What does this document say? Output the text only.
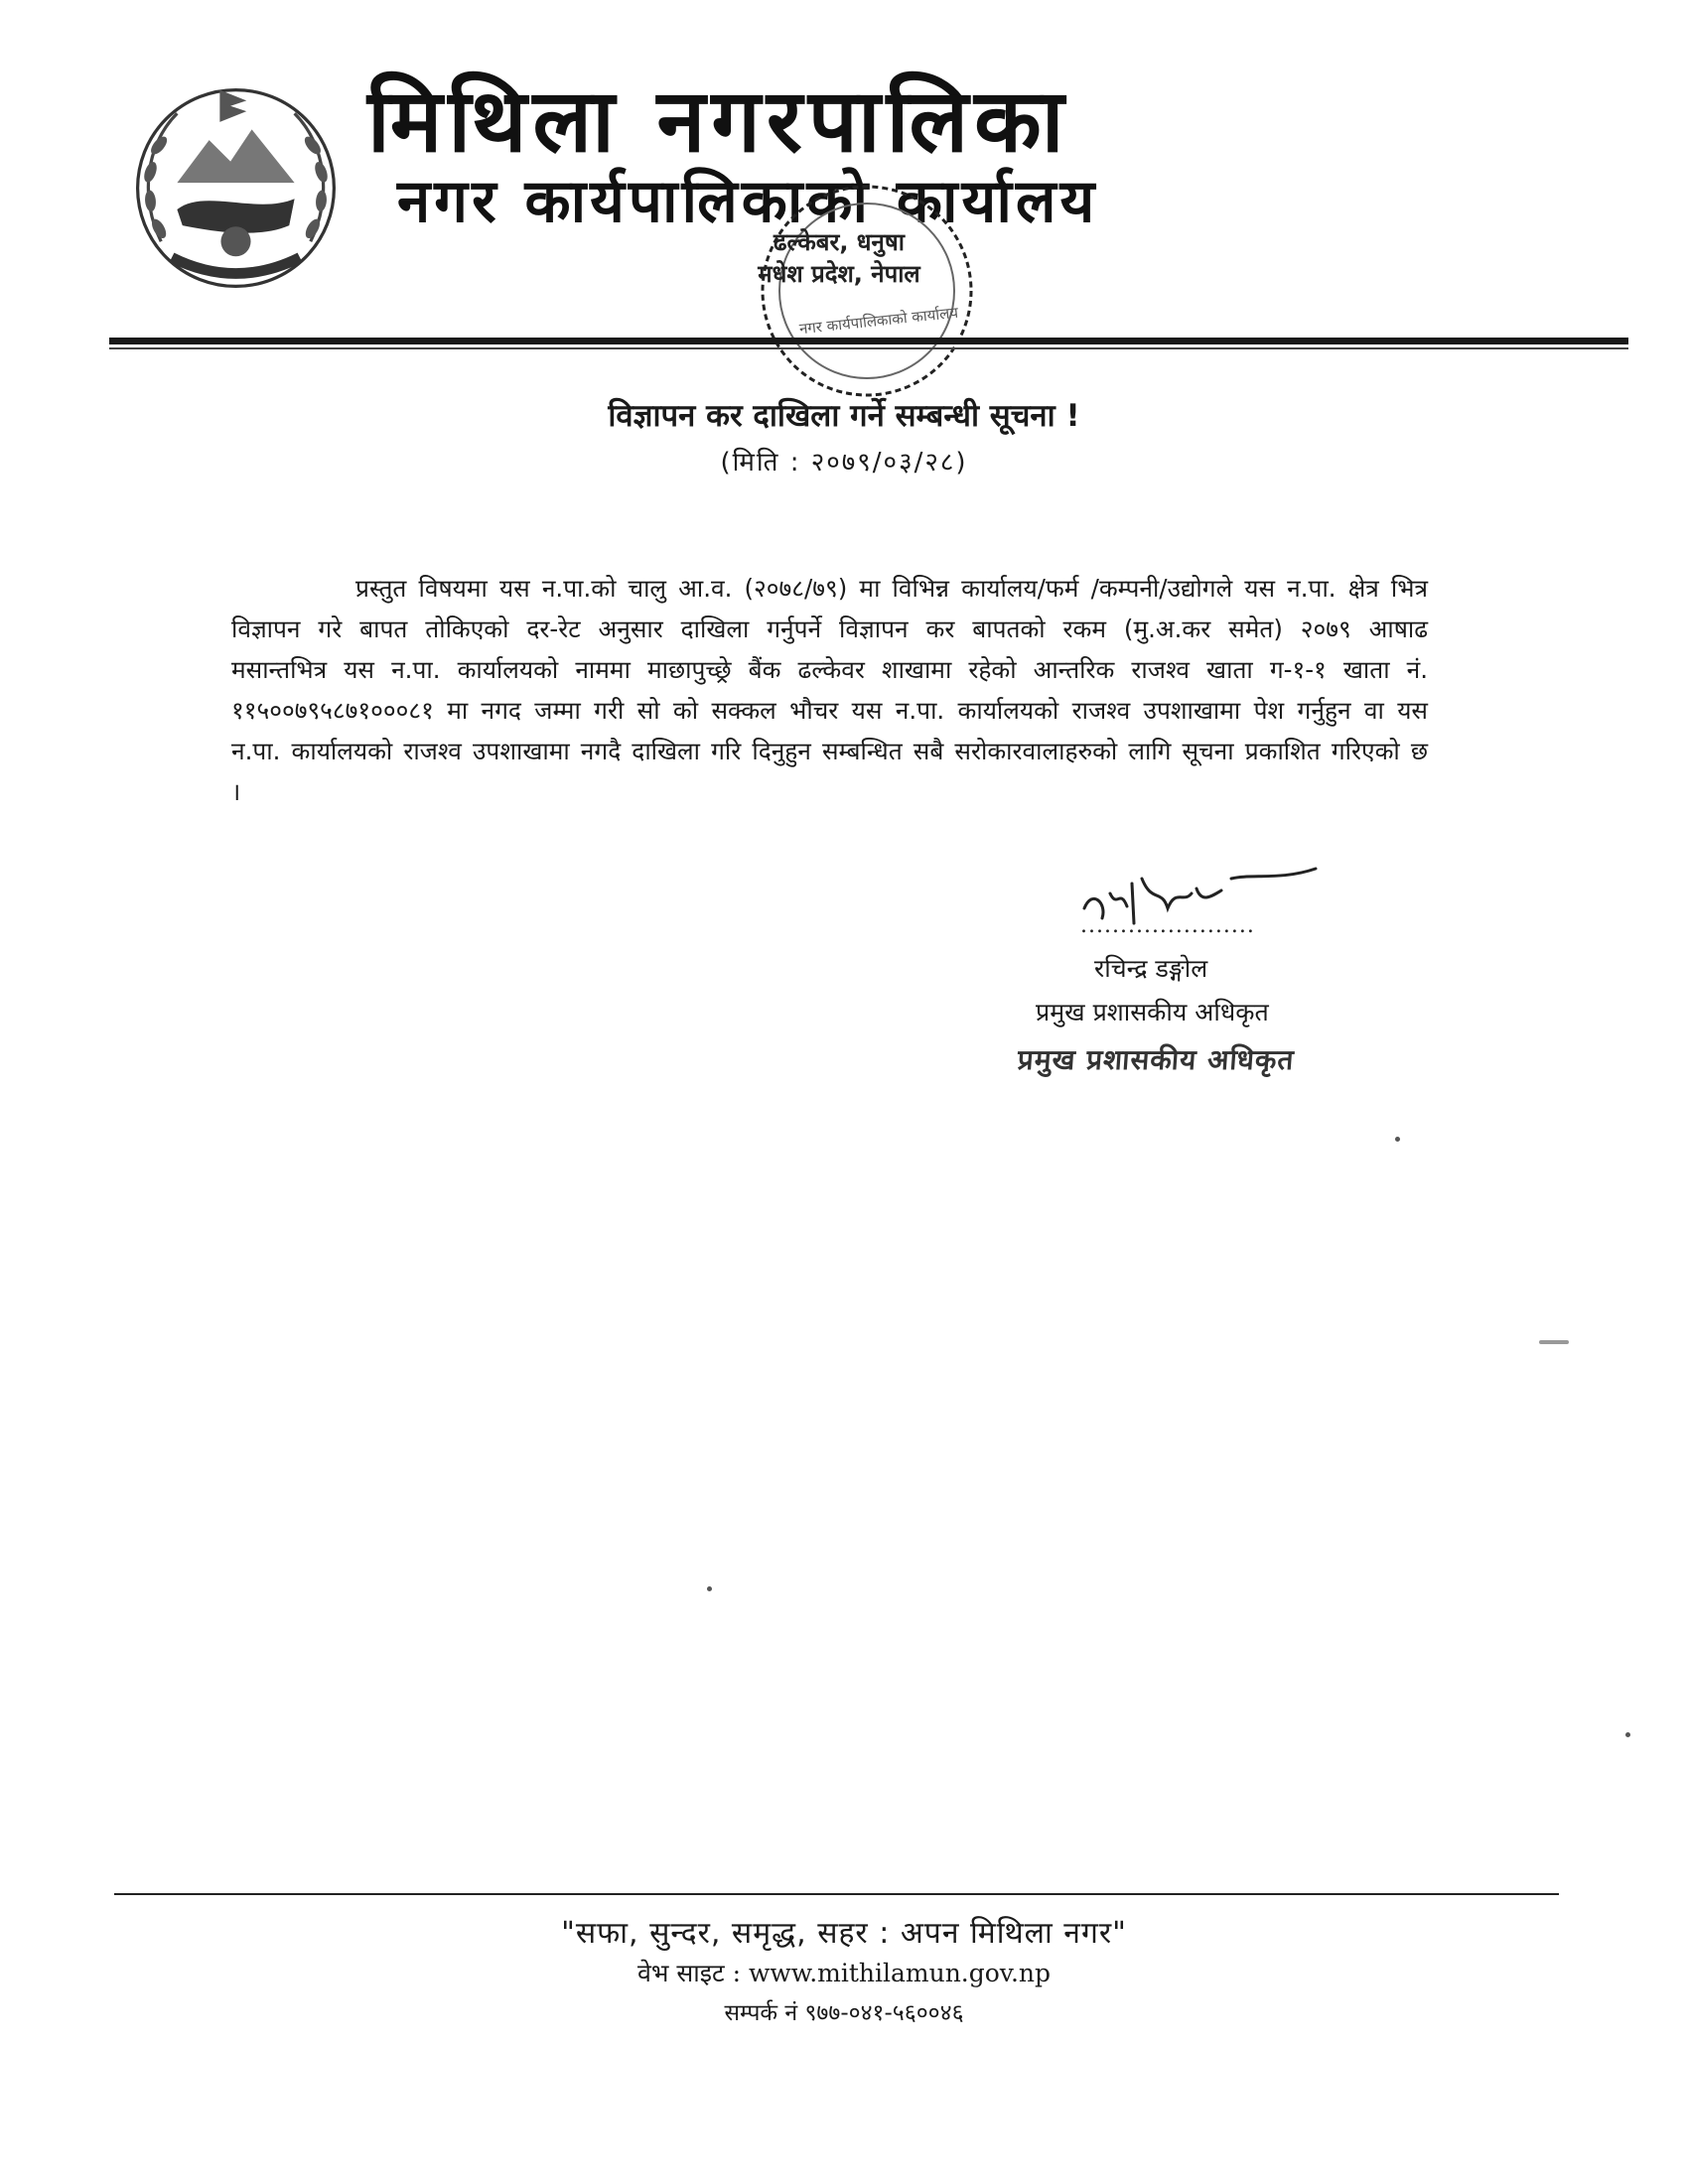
मिथिला नगरपालिका
नगर कार्यपालिकाको कार्यालय
ढल्केबर, धनुषा
मधेश प्रदेश, नेपाल
नगर कार्यपालिकाको कार्यालय
विज्ञापन कर दाखिला गर्ने सम्बन्धी सूचना !
(मिति : २०७९/०३/२८)
प्रस्तुत विषयमा यस न.पा.को चालु आ.व. (२०७८/७९) मा विभिन्न कार्यालय/फर्म /कम्पनी/उद्योगले यस न.पा. क्षेत्र भित्र विज्ञापन गरे बापत तोकिएको दर-रेट अनुसार दाखिला गर्नुपर्ने विज्ञापन कर बापतको रकम (मु.अ.कर समेत) २०७९ आषाढ मसान्तभित्र यस न.पा. कार्यालयको नाममा माछापुच्छ्रे बैंक ढल्केवर शाखामा रहेको आन्तरिक राजश्व खाता ग-१-१ खाता नं. ११५००७९५८७१०००८१ मा नगद जम्मा गरी सो को सक्कल भौचर यस न.पा. कार्यालयको राजश्व उपशाखामा पेश गर्नुहुन वा यस न.पा. कार्यालयको राजश्व उपशाखामा नगदै दाखिला गरि दिनुहुन सम्बन्धित सबै सरोकारवालाहरुको लागि सूचना प्रकाशित गरिएको छ ।
......................
रचिन्द्र डङ्गोल
प्रमुख प्रशासकीय अधिकृत
प्रमुख प्रशासकीय अधिकृत
"सफा, सुन्दर, समृद्ध, सहर : अपन मिथिला नगर"
वेभ साइट : www.mithilamun.gov.np
सम्पर्क नं ९७७-०४१-५६००४६
